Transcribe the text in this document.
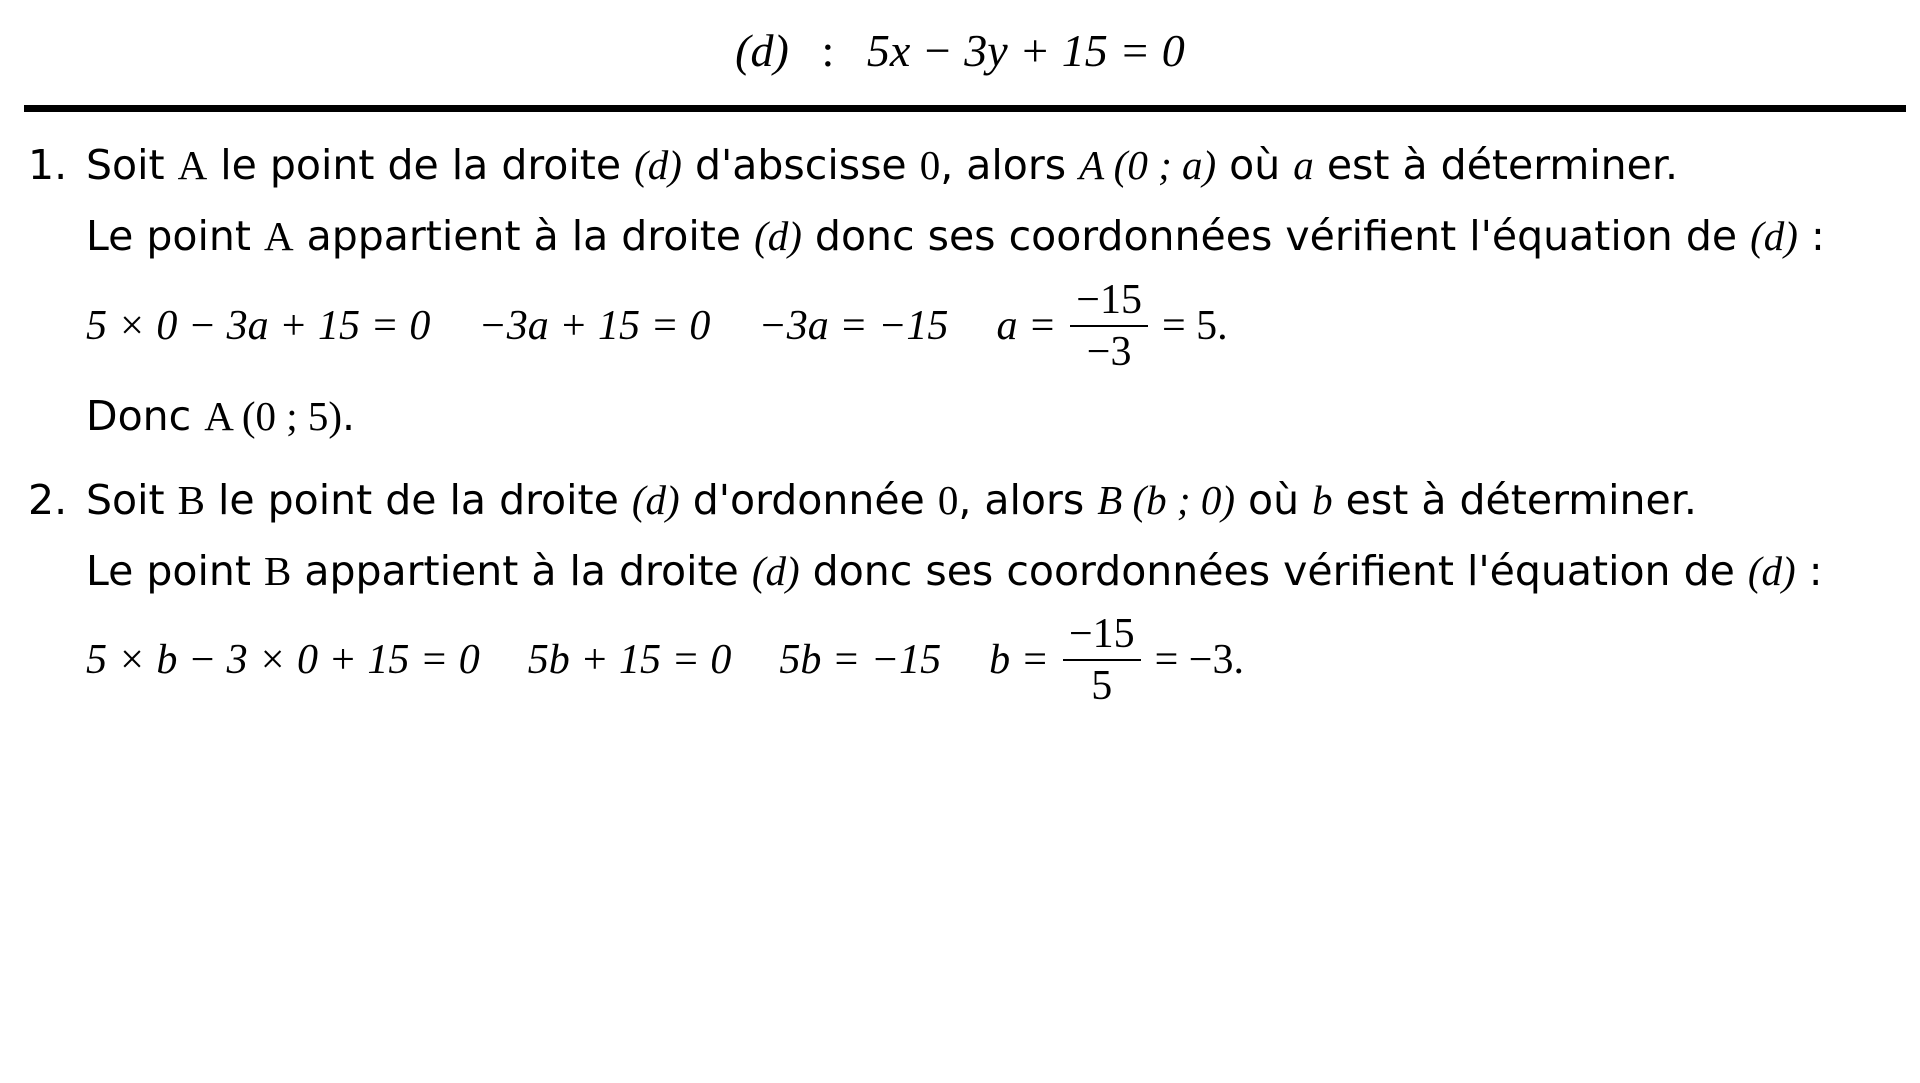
(d) : 5x − 3y + 15 = 0
1. Soit A le point de la droite (d) d'abscisse 0, alors A (0 ; a) où a est à déterminer.
Le point A appartient à la droite (d) donc ses coordonnées vérifient l'équation de (d) :
5 × 0 − 3a + 15 = 0 −3a + 15 = 0 −3a = −15 $a = \frac{-15}{-3} = 5$.
Donc A (0 ; 5).
2. Soit B le point de la droite (d) d'ordonnée 0, alors B (b ; 0) où b est à déterminer.
Le point B appartient à la droite (d) donc ses coordonnées vérifient l'équation de (d) :
5 × b − 3 × 0 + 15 = 0 5b + 15 = 0 5b = −15 $b = \frac{-15}{5} = -3$.
